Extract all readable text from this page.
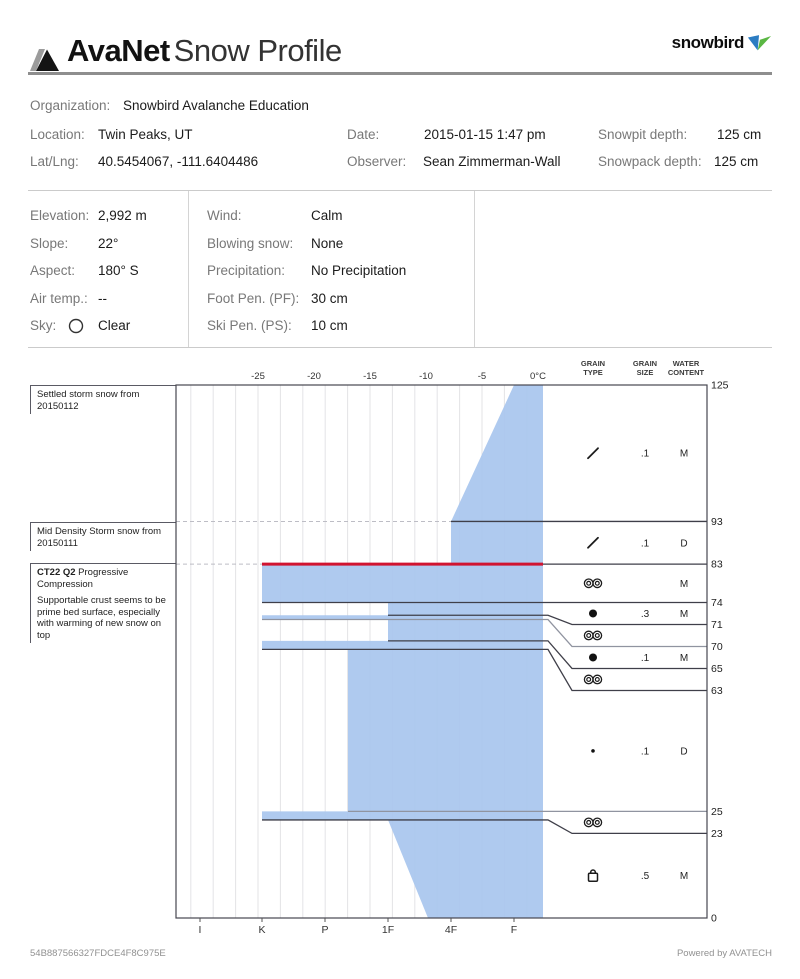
AvaNet Snow Profile	snowbird
Organization: Snowbird Avalanche Education
Location: Twin Peaks, UT	Date:	2015-01-15 1:47 pm	Snowpit depth: 125 cm
Lat/Lng: 40.5454067, -111.6404486	Observer: Sean Zimmerman-Wall	Snowpack depth: 125 cm
Elevation: 2,992 m
Slope:	22°
Aspect:	180° S
Air temp.: --
Sky:	Clear
Wind:	Calm
Blowing snow:	None
Precipitation:	No Precipitation
Foot Pen. (PF): 30 cm
Ski Pen. (PS):	10 cm
Settled storm snow from 20150112
Mid Density Storm snow from 20150111
CT22 Q2 Progressive Compression
Supportable crust seems to be prime bed surface, especially with warming of new snow on top
-25	-20	-15	-10	-5	0°C
GRAIN
TYPE
GRAIN
SIZE
WATER
CONTENT
I	K	P	1F	4F	F
125
93
83
74
71
70
65
63
25
23
0
.1	M
.1	D
M
.3	M
.1	M
.1	D
.5	M
54B887566327FDCE4F8C975E	Powered by AVATECH
